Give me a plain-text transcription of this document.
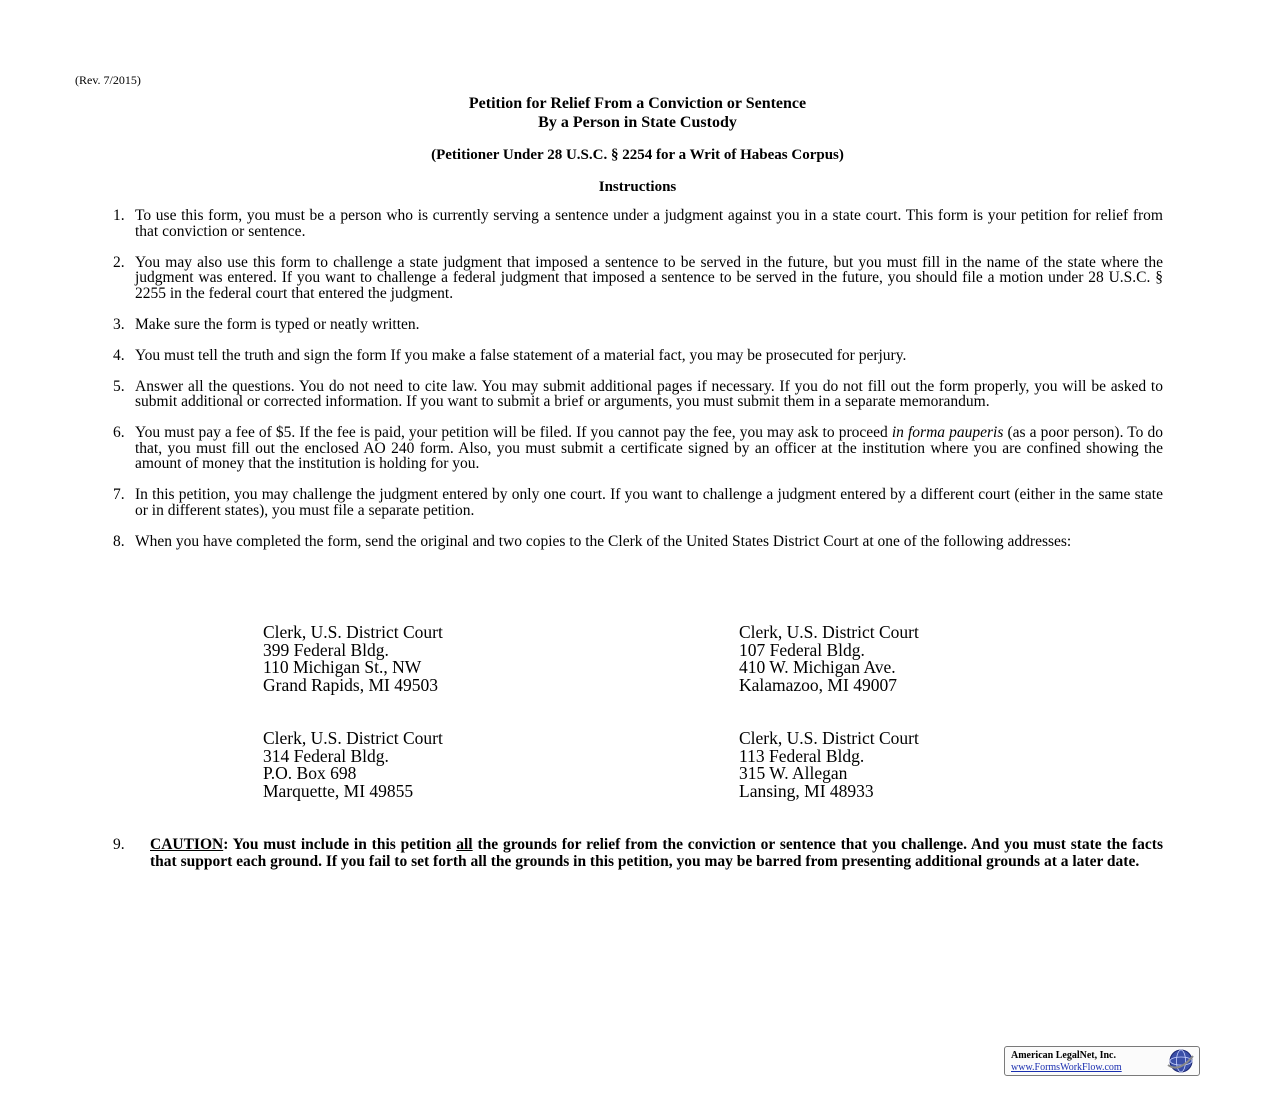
(Rev. 7/2015)
Petition for Relief From a Conviction or Sentence
By a Person in State Custody
(Petitioner Under 28 U.S.C. § 2254 for a Writ of Habeas Corpus)
Instructions
1. To use this form, you must be a person who is currently serving a sentence under a judgment against you in a state court. This form is your petition for relief from that conviction or sentence.
2. You may also use this form to challenge a state judgment that imposed a sentence to be served in the future, but you must fill in the name of the state where the judgment was entered. If you want to challenge a federal judgment that imposed a sentence to be served in the future, you should file a motion under 28 U.S.C. § 2255 in the federal court that entered the judgment.
3. Make sure the form is typed or neatly written.
4. You must tell the truth and sign the form If you make a false statement of a material fact, you may be prosecuted for perjury.
5. Answer all the questions. You do not need to cite law. You may submit additional pages if necessary. If you do not fill out the form properly, you will be asked to submit additional or corrected information. If you want to submit a brief or arguments, you must submit them in a separate memorandum.
6. You must pay a fee of $5. If the fee is paid, your petition will be filed. If you cannot pay the fee, you may ask to proceed in forma pauperis (as a poor person). To do that, you must fill out the enclosed AO 240 form. Also, you must submit a certificate signed by an officer at the institution where you are confined showing the amount of money that the institution is holding for you.
7. In this petition, you may challenge the judgment entered by only one court. If you want to challenge a judgment entered by a different court (either in the same state or in different states), you must file a separate petition.
8. When you have completed the form, send the original and two copies to the Clerk of the United States District Court at one of the following addresses:
Clerk, U.S. District Court
399 Federal Bldg.
110 Michigan St., NW
Grand Rapids, MI 49503
Clerk, U.S. District Court
107 Federal Bldg.
410 W. Michigan Ave.
Kalamazoo, MI 49007
Clerk, U.S. District Court
314 Federal Bldg.
P.O. Box 698
Marquette, MI 49855
Clerk, U.S. District Court
113 Federal Bldg.
315 W. Allegan
Lansing, MI 48933
9.	CAUTION: You must include in this petition all the grounds for relief from the conviction or sentence that you challenge. And you must state the facts that support each ground. If you fail to set forth all the grounds in this petition, you may be barred from presenting additional grounds at a later date.
American LegalNet, Inc.
www.FormsWorkFlow.com
